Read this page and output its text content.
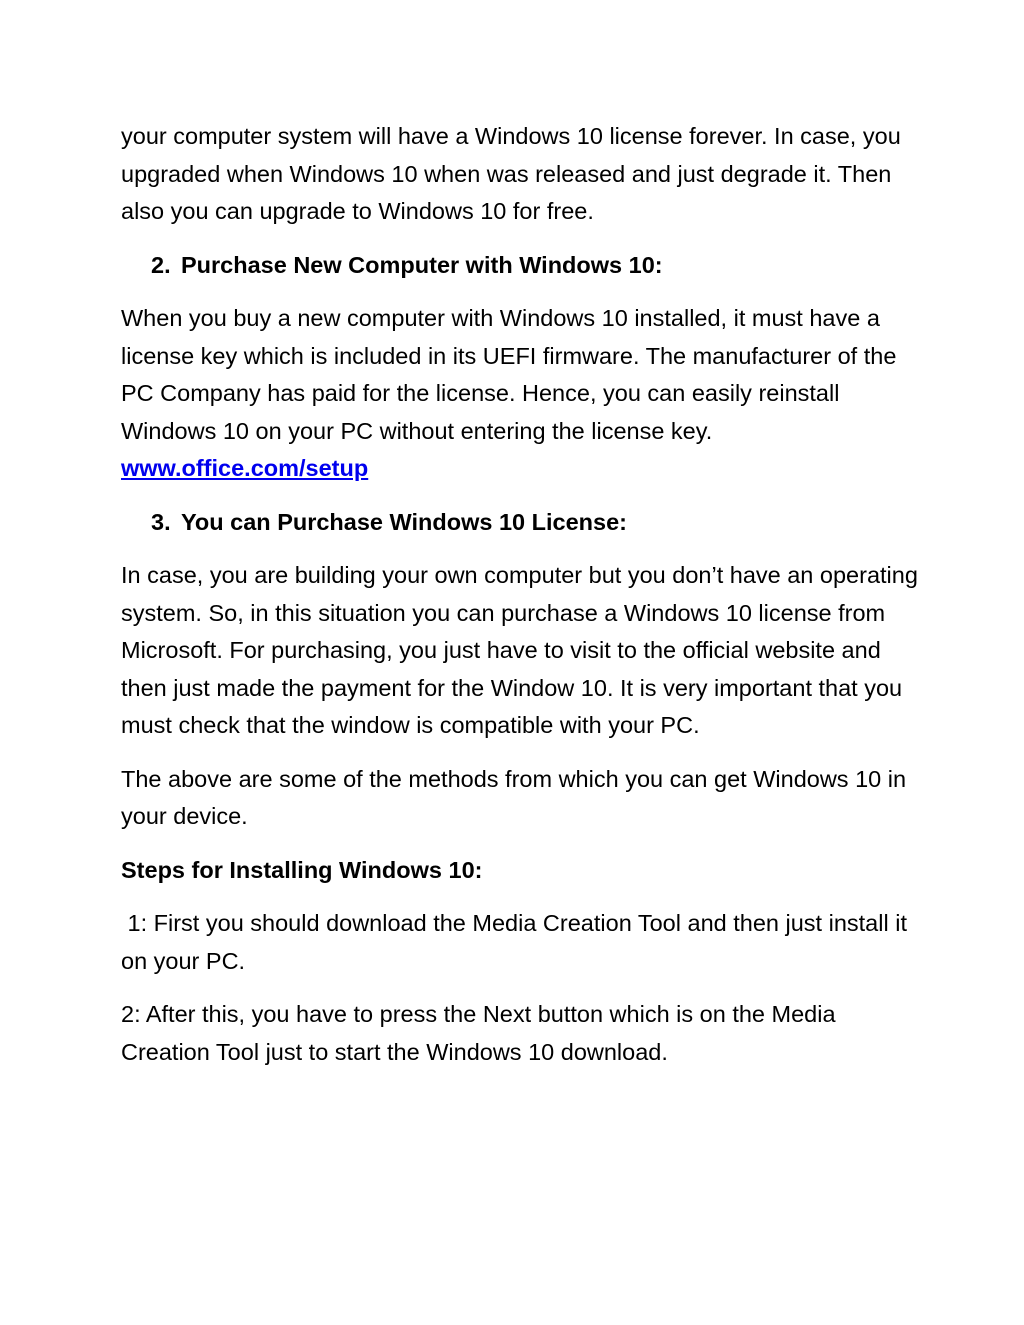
your computer system will have a Windows 10 license forever. In case, you upgraded when Windows 10 when was released and just degrade it. Then also you can upgrade to Windows 10 for free.

2. Purchase New Computer with Windows 10:

When you buy a new computer with Windows 10 installed, it must have a license key which is included in its UEFI firmware. The manufacturer of the PC Company has paid for the license. Hence, you can easily reinstall Windows 10 on your PC without entering the license key.
www.office.com/setup

3. You can Purchase Windows 10 License:

In case, you are building your own computer but you don’t have an operating system. So, in this situation you can purchase a Windows 10 license from Microsoft. For purchasing, you just have to visit to the official website and then just made the payment for the Window 10. It is very important that you must check that the window is compatible with your PC.

The above are some of the methods from which you can get Windows 10 in your device.

Steps for Installing Windows 10:

1: First you should download the Media Creation Tool and then just install it on your PC.

2: After this, you have to press the Next button which is on the Media Creation Tool just to start the Windows 10 download.
